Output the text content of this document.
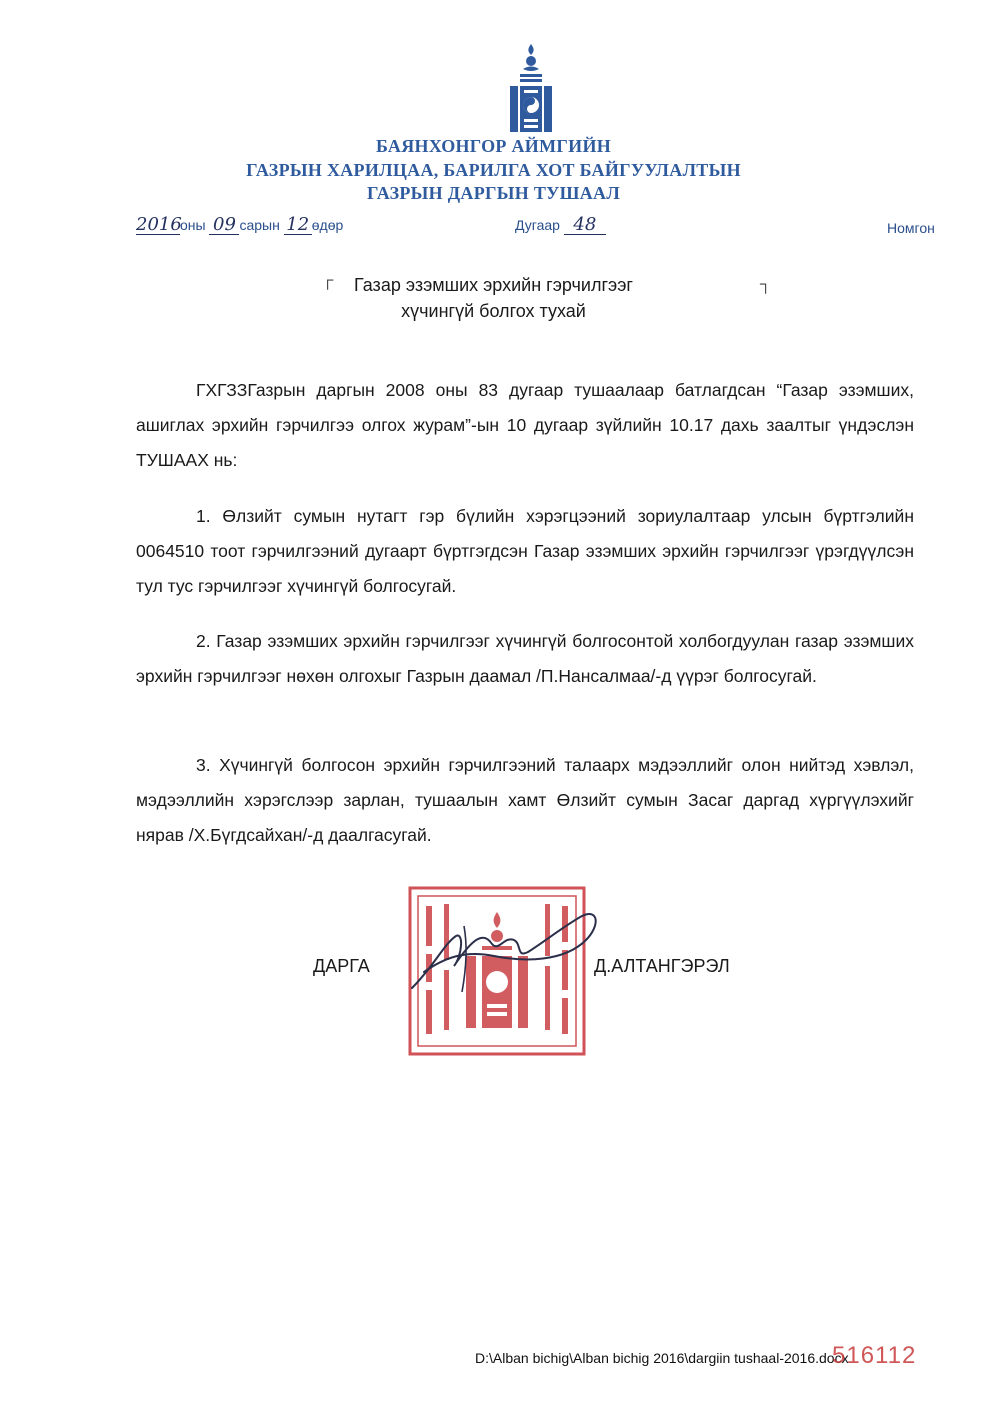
БАЯНХОНГОР АЙМГИЙН
ГАЗРЫН ХАРИЛЦАА, БАРИЛГА ХОТ БАЙГУУЛАЛТЫН
ГАЗРЫН ДАРГЫН ТУШААЛ
2016оны 09 сарын 12 өдөр	Дугаар 48	Номгон
┌	┐
Газар эзэмших эрхийн гэрчилгээг
хүчингүй болгох тухай
ГХГЗЗГазрын даргын 2008 оны 83 дугаар тушаалаар батлагдсан “Газар эзэмших, ашиглах эрхийн гэрчилгээ олгох журам”-ын 10 дугаар зүйлийн 10.17 дахь заалтыг үндэслэн ТУШААХ нь:
1. Өлзийт сумын нутагт гэр бүлийн хэрэгцээний зориулалтаар улсын бүртгэлийн 0064510 тоот гэрчилгээний дугаарт бүртгэгдсэн Газар эзэмших эрхийн гэрчилгээг үрэгдүүлсэн тул тус гэрчилгээг хүчингүй болгосугай.
2. Газар эзэмших эрхийн гэрчилгээг хүчингүй болгосонтой холбогдуулан газар эзэмших эрхийн гэрчилгээг нөхөн олгохыг Газрын даамал /П.Нансалмаа/-д үүрэг болгосугай.
3. Хүчингүй болгосон эрхийн гэрчилгээний талаарх мэдээллийг олон нийтэд хэвлэл, мэдээллийн хэрэгслээр зарлан, тушаалын хамт Өлзийт сумын Засаг даргад хүргүүлэхийг нярав /Х.Бүгдсайхан/-д даалгасугай.
ДАРГА	Д.АЛТАНГЭРЭЛ
D:\Alban bichig\Alban bichig 2016\dargiin tushaal-2016.docx
516112
